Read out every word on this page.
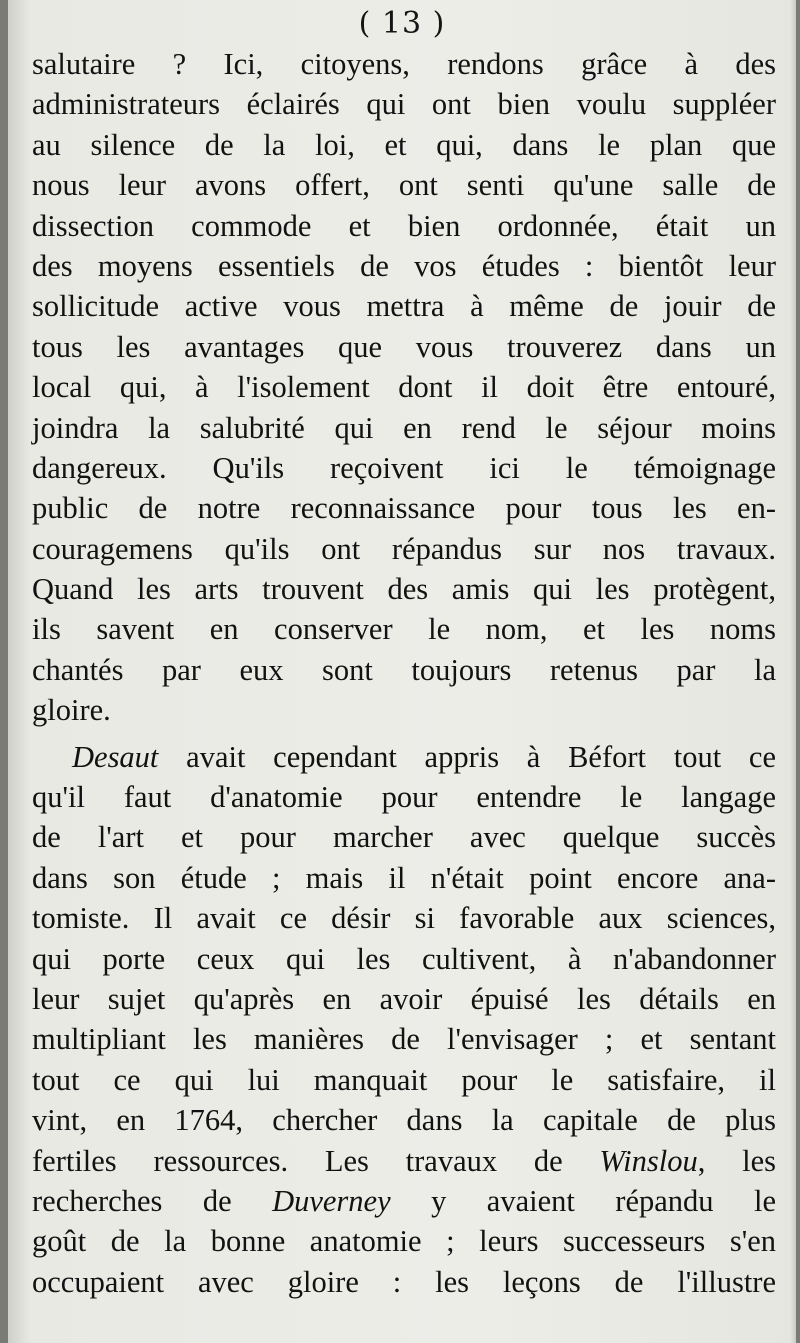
( 13 )
salutaire ? Ici, citoyens, rendons grâce à des
administrateurs éclairés qui ont bien voulu suppléer
au silence de la loi, et qui, dans le plan que
nous leur avons offert, ont senti qu'une salle de
dissection commode et bien ordonnée, était un
des moyens essentiels de vos études : bientôt leur
sollicitude active vous mettra à même de jouir de
tous les avantages que vous trouverez dans un
local qui, à l'isolement dont il doit être entouré,
joindra la salubrité qui en rend le séjour moins
dangereux. Qu'ils reçoivent ici le témoignage
public de notre reconnaissance pour tous les en-
couragemens qu'ils ont répandus sur nos travaux.
Quand les arts trouvent des amis qui les protègent,
ils savent en conserver le nom, et les noms
chantés par eux sont toujours retenus par la
gloire.
Desaut avait cependant appris à Béfort tout ce
qu'il faut d'anatomie pour entendre le langage
de l'art et pour marcher avec quelque succès
dans son étude ; mais il n'était point encore ana-
tomiste. Il avait ce désir si favorable aux sciences,
qui porte ceux qui les cultivent, à n'abandonner
leur sujet qu'après en avoir épuisé les détails en
multipliant les manières de l'envisager ; et sentant
tout ce qui lui manquait pour le satisfaire, il
vint, en 1764, chercher dans la capitale de plus
fertiles ressources. Les travaux de Winslou, les
recherches de Duverney y avaient répandu le
goût de la bonne anatomie ; leurs successeurs s'en
occupaient avec gloire : les leçons de l'illustre
